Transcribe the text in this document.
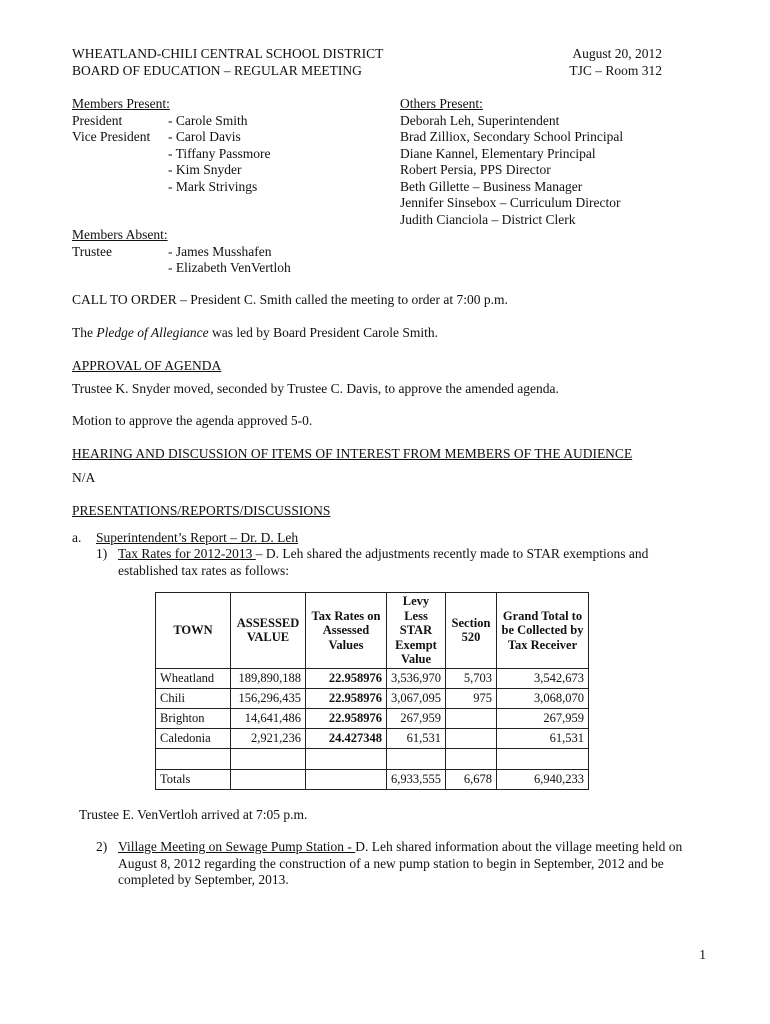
WHEATLAND-CHILI CENTRAL SCHOOL DISTRICT
BOARD OF EDUCATION – REGULAR MEETING
August 20, 2012
TJC – Room 312
Members Present:
President	- Carole Smith
Vice President	- Carol Davis
- Tiffany Passmore
- Kim Snyder
- Mark Strivings
Others Present:
Deborah Leh, Superintendent
Brad Zilliox, Secondary School Principal
Diane Kannel, Elementary Principal
Robert Persia, PPS Director
Beth Gillette – Business Manager
Jennifer Sinsebox – Curriculum Director
Judith Cianciola – District Clerk
Members Absent:
Trustee	- James Musshafen
- Elizabeth VenVertloh
CALL TO ORDER – President C. Smith called the meeting to order at 7:00 p.m.
The Pledge of Allegiance was led by Board President Carole Smith.
APPROVAL OF AGENDA
Trustee K. Snyder moved, seconded by Trustee C. Davis, to approve the amended agenda.
Motion to approve the agenda approved 5-0.
HEARING AND DISCUSSION OF ITEMS OF INTEREST FROM MEMBERS OF THE AUDIENCE
N/A
PRESENTATIONS/REPORTS/DISCUSSIONS
a. Superintendent’s Report – Dr. D. Leh
1) Tax Rates for 2012-2013 – D. Leh shared the adjustments recently made to STAR exemptions and
established tax rates as follows:
TOWN	ASSESSED VALUE	Tax Rates on Assessed Values	Levy Less STAR Exempt Value	Section 520	Grand Total to be Collected by Tax Receiver
Wheatland	189,890,188	22.958976	3,536,970	5,703	3,542,673
Chili	156,296,435	22.958976	3,067,095	975	3,068,070
Brighton	14,641,486	22.958976	267,959		267,959
Caledonia	2,921,236	24.427348	61,531		61,531

Totals			6,933,555	6,678	6,940,233
Trustee E. VenVertloh arrived at 7:05 p.m.
2) Village Meeting on Sewage Pump Station - D. Leh shared information about the village meeting held on
August 8, 2012 regarding the construction of a new pump station to begin in September, 2012 and be
completed by September, 2013.
1
